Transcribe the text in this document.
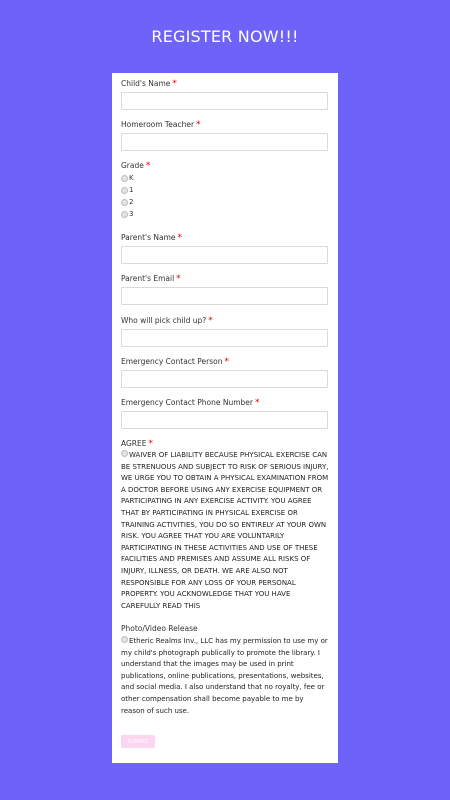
REGISTER NOW!!!
Child's Name *
Homeroom Teacher *
Grade *
K
1
2
3
Parent's Name *
Parent's Email *
Who will pick child up? *
Emergency Contact Person *
Emergency Contact Phone Number *
AGREE *
WAIVER OF LIABILITY BECAUSE PHYSICAL EXERCISE CAN BE STRENUOUS AND SUBJECT TO RISK OF SERIOUS INJURY, WE URGE YOU TO OBTAIN A PHYSICAL EXAMINATION FROM A DOCTOR BEFORE USING ANY EXERCISE EQUIPMENT OR PARTICIPATING IN ANY EXERCISE ACTIVITY. YOU AGREE THAT BY PARTICIPATING IN PHYSICAL EXERCISE OR TRAINING ACTIVITIES, YOU DO SO ENTIRELY AT YOUR OWN RISK. YOU AGREE THAT YOU ARE VOLUNTARILY PARTICIPATING IN THESE ACTIVITIES AND USE OF THESE FACILITIES AND PREMISES AND ASSUME ALL RISKS OF INJURY, ILLNESS, OR DEATH. WE ARE ALSO NOT RESPONSIBLE FOR ANY LOSS OF YOUR PERSONAL PROPERTY. YOU ACKNOWLEDGE THAT YOU HAVE CAREFULLY READ THIS
Photo/Video Release
Etheric Realms Inv., LLC has my permission to use my or my child's photograph publically to promote the library. I understand that the images may be used in print publications, online publications, presentations, websites, and social media. I also understand that no royalty, fee or other compensation shall become payable to me by reason of such use.
SUBMIT
